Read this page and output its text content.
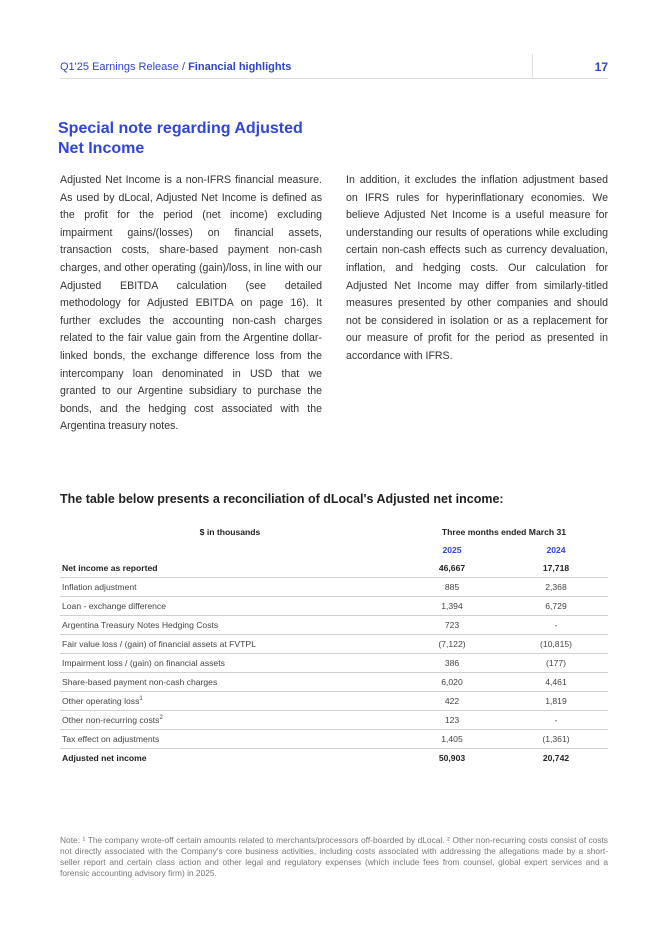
Q1'25 Earnings Release / Financial highlights	17
Special note regarding Adjusted Net Income

Adjusted Net Income is a non-IFRS financial measure. As used by dLocal, Adjusted Net Income is defined as the profit for the period (net income) excluding impairment gains/(losses) on financial assets, transaction costs, share-based payment non-cash charges, and other operating (gain)/loss, in line with our Adjusted EBITDA calculation (see detailed methodology for Adjusted EBITDA on page 16). It further excludes the accounting non-cash charges related to the fair value gain from the Argentine dollar-linked bonds, the exchange difference loss from the intercompany loan denominated in USD that we granted to our Argentine subsidiary to purchase the bonds, and the hedging cost associated with the Argentina treasury notes.

In addition, it excludes the inflation adjustment based on IFRS rules for hyperinflationary economies. We believe Adjusted Net Income is a useful measure for understanding our results of operations while excluding certain non-cash effects such as currency devaluation, inflation, and hedging costs. Our calculation for Adjusted Net Income may differ from similarly-titled measures presented by other companies and should not be considered in isolation or as a replacement for our measure of profit for the period as presented in accordance with IFRS.

The table below presents a reconciliation of dLocal's Adjusted net income:
$ in thousands	Three months ended March 31	
	2025	2024
Net income as reported	46,667	17,718
Inflation adjustment	885	2,368
Loan - exchange difference	1,394	6,729
Argentina Treasury Notes Hedging Costs	723	-
Fair value loss / (gain) of financial assets at FVTPL	(7,122)	(10,815)
Impairment loss / (gain) on financial assets	386	(177)
Share-based payment non-cash charges	6,020	4,461
Other operating loss$^1$	422	1,819
Other non-recurring costs$^2$	123	-
Tax effect on adjustments	1,405	(1,361)
Adjusted net income	50,903	20,742

Note: ¹ The company wrote-off certain amounts related to merchants/processors off-boarded by dLocal. ² Other non-recurring costs consist of costs not directly associated with the Company's core business activities, including costs associated with addressing the allegations made by a short-seller report and certain class action and other legal and regulatory expenses (which include fees from counsel, global expert services and a forensic accounting advisory firm) in 2025.
